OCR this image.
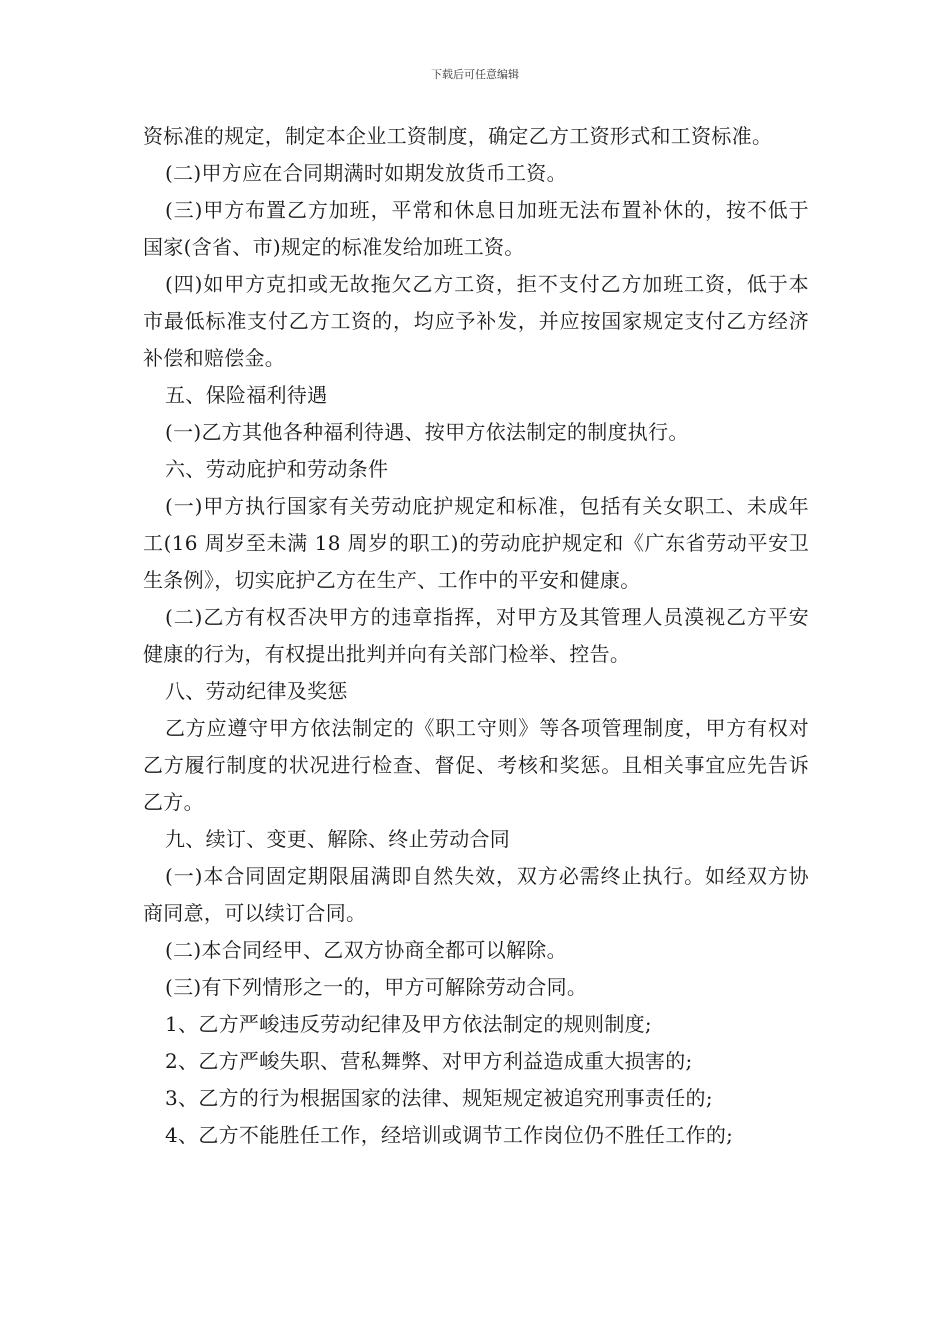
下载后可任意编辑

资标准的规定，制定本企业工资制度，确定乙方工资形式和工资标准。

(二)甲方应在合同期满时如期发放货币工资。

(三)甲方布置乙方加班，平常和休息日加班无法布置补休的，按不低于国家(含省、市)规定的标准发给加班工资。

(四)如甲方克扣或无故拖欠乙方工资，拒不支付乙方加班工资，低于本市最低标准支付乙方工资的，均应予补发，并应按国家规定支付乙方经济补偿和赔偿金。

五、保险福利待遇

(一)乙方其他各种福利待遇、按甲方依法制定的制度执行。

六、劳动庇护和劳动条件

(一)甲方执行国家有关劳动庇护规定和标准，包括有关女职工、未成年工(16 周岁至未满 18 周岁的职工)的劳动庇护规定和《广东省劳动平安卫生条例》，切实庇护乙方在生产、工作中的平安和健康。

(二)乙方有权否决甲方的违章指挥，对甲方及其管理人员漠视乙方平安健康的行为，有权提出批判并向有关部门检举、控告。

八、劳动纪律及奖惩

乙方应遵守甲方依法制定的《职工守则》等各项管理制度，甲方有权对乙方履行制度的状况进行检查、督促、考核和奖惩。且相关事宜应先告诉乙方。

九、续订、变更、解除、终止劳动合同

(一)本合同固定期限届满即自然失效，双方必需终止执行。如经双方协商同意，可以续订合同。

(二)本合同经甲、乙双方协商全都可以解除。

(三)有下列情形之一的，甲方可解除劳动合同。

1、乙方严峻违反劳动纪律及甲方依法制定的规则制度;

2、乙方严峻失职、营私舞弊、对甲方利益造成重大损害的;

3、乙方的行为根据国家的法律、规矩规定被追究刑事责任的;

4、乙方不能胜任工作，经培训或调节工作岗位仍不胜任工作的;
